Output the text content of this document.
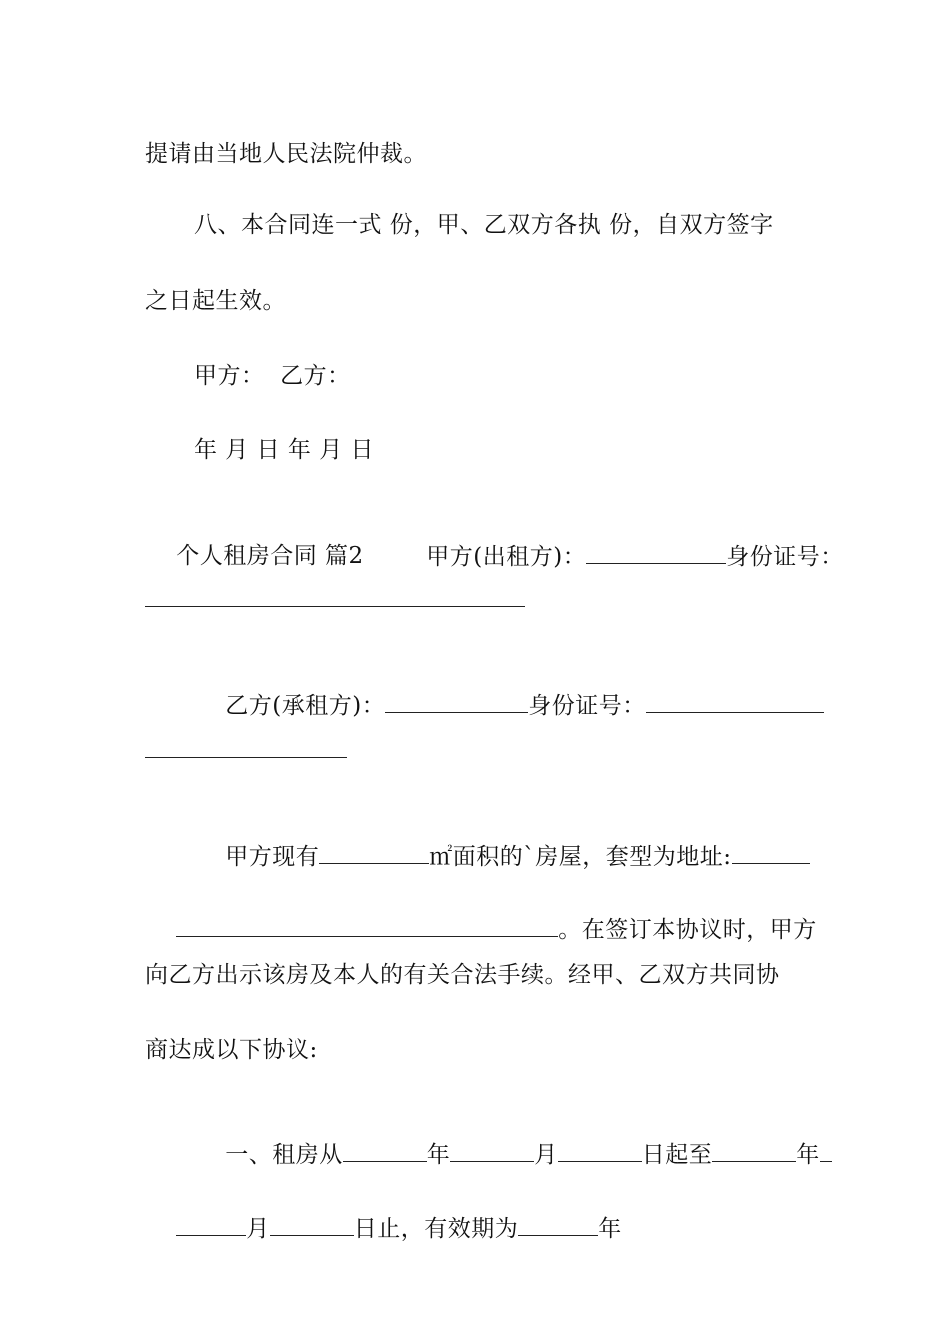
提请由当地人民法院仲裁。
八、本合同连一式 份，甲、乙双方各执 份，自双方签字
之日起生效。
甲方：  乙方：
年 月 日 年 月 日

个人租房合同 篇2
	甲方(出租方)：	身份证号：

乙方(承租方)：	身份证号：

甲方现有	㎡面积的`房屋，套型为地址:

。在签订本协议时，甲方

向乙方出示该房及本人的有关合法手续。经甲、乙双方共同协
商达成以下协议:

一、租房从	年	月	日起至	年

月	日止，有效期为	年
